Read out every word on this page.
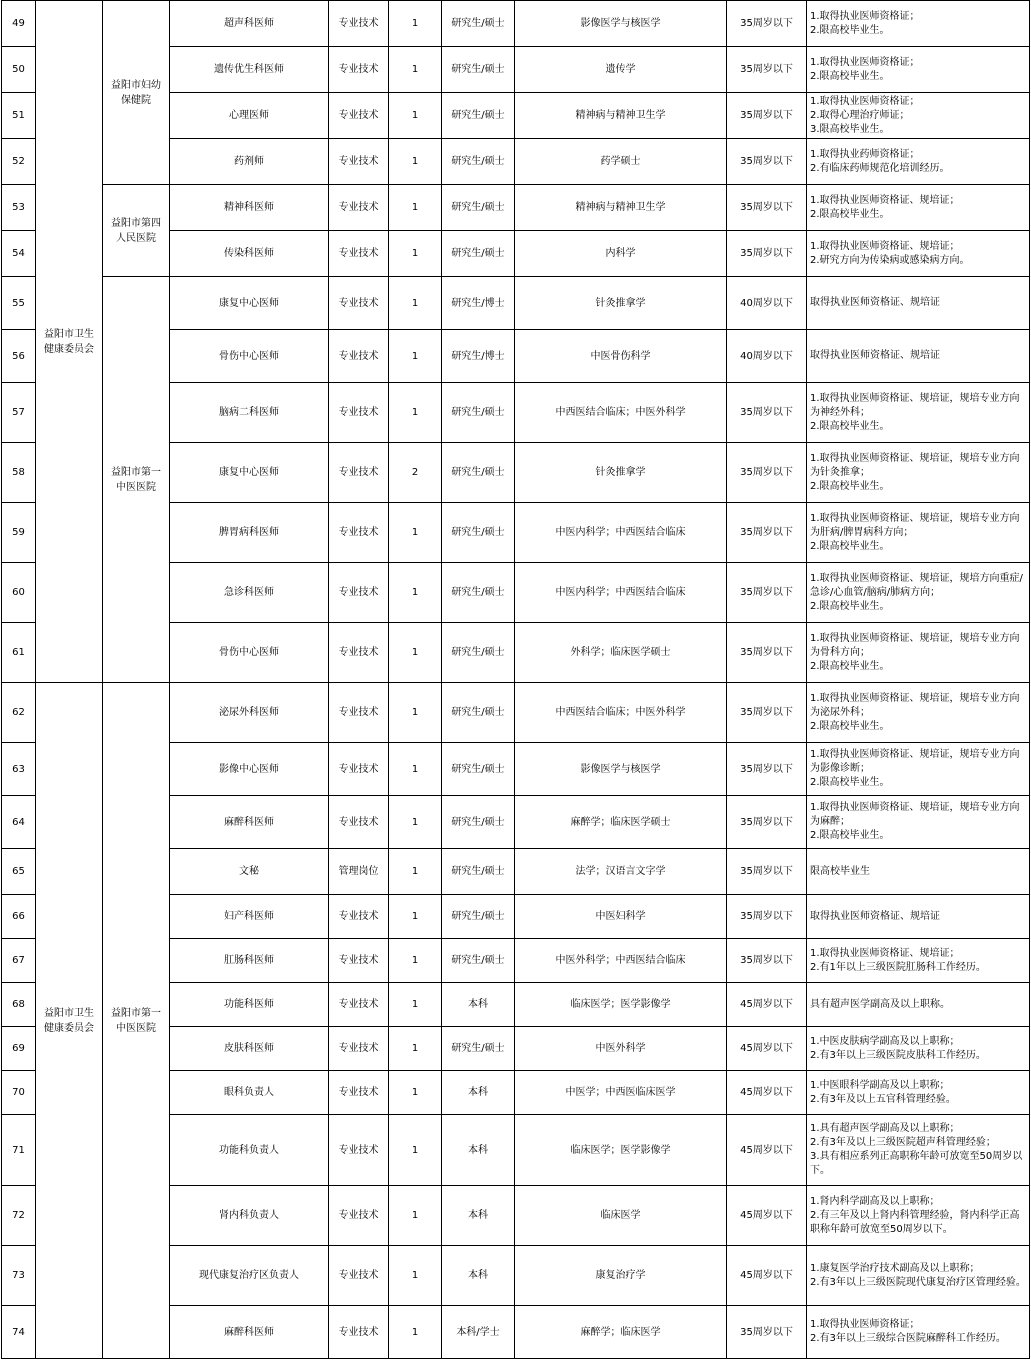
49	益阳市卫生健康委员会	益阳市妇幼保健院	超声科医师	专业技术	1	研究生/硕士	影像医学与核医学	35周岁以下	1.取得执业医师资格证；
2.限高校毕业生。
50			遗传优生科医师	专业技术	1	研究生/硕士	遗传学	35周岁以下	1.取得执业医师资格证；
2.限高校毕业生。
51			心理医师	专业技术	1	研究生/硕士	精神病与精神卫生学	35周岁以下	1.取得执业医师资格证；
2.取得心理治疗师证；
3.限高校毕业生。
52			药剂师	专业技术	1	研究生/硕士	药学硕士	35周岁以下	1.取得执业药师资格证；
2.有临床药师规范化培训经历。
53		益阳市第四人民医院	精神科医师	专业技术	1	研究生/硕士	精神病与精神卫生学	35周岁以下	1.取得执业医师资格证、规培证；
2.限高校毕业生。
54			传染科医师	专业技术	1	研究生/硕士	内科学	35周岁以下	1.取得执业医师资格证、规培证；
2.研究方向为传染病或感染病方向。
55		益阳市第一中医医院	康复中心医师	专业技术	1	研究生/博士	针灸推拿学	40周岁以下	取得执业医师资格证、规培证
56			骨伤中心医师	专业技术	1	研究生/博士	中医骨伤科学	40周岁以下	取得执业医师资格证、规培证
57			脑病二科医师	专业技术	1	研究生/硕士	中西医结合临床；中医外科学	35周岁以下	1.取得执业医师资格证、规培证，规培专业方向为神经外科；
2.限高校毕业生。
58			康复中心医师	专业技术	2	研究生/硕士	针灸推拿学	35周岁以下	1.取得执业医师资格证、规培证，规培专业方向为针灸推拿；
2.限高校毕业生。
59			脾胃病科医师	专业技术	1	研究生/硕士	中医内科学；中西医结合临床	35周岁以下	1.取得执业医师资格证、规培证，规培专业方向为肝病/脾胃病科方向；
2.限高校毕业生。
60			急诊科医师	专业技术	1	研究生/硕士	中医内科学；中西医结合临床	35周岁以下	1.取得执业医师资格证、规培证，规培方向重症/急诊/心血管/脑病/肺病方向；
2.限高校毕业生。
61			骨伤中心医师	专业技术	1	研究生/硕士	外科学；临床医学硕士	35周岁以下	1.取得执业医师资格证、规培证，规培专业方向为骨科方向；
2.限高校毕业生。
62	益阳市卫生健康委员会	益阳市第一中医医院	泌尿外科医师	专业技术	1	研究生/硕士	中西医结合临床；中医外科学	35周岁以下	1.取得执业医师资格证、规培证，规培专业方向为泌尿外科；
2.限高校毕业生。
63			影像中心医师	专业技术	1	研究生/硕士	影像医学与核医学	35周岁以下	1.取得执业医师资格证、规培证，规培专业方向为影像诊断；
2.限高校毕业生。
64			麻醉科医师	专业技术	1	研究生/硕士	麻醉学；临床医学硕士	35周岁以下	1.取得执业医师资格证、规培证，规培专业方向为麻醉；
2.限高校毕业生。
65			文秘	管理岗位	1	研究生/硕士	法学；汉语言文字学	35周岁以下	限高校毕业生
66			妇产科医师	专业技术	1	研究生/硕士	中医妇科学	35周岁以下	取得执业医师资格证、规培证
67			肛肠科医师	专业技术	1	研究生/硕士	中医外科学；中西医结合临床	35周岁以下	1.取得执业医师资格证、规培证；
2.有1年以上三级医院肛肠科工作经历。
68			功能科医师	专业技术	1	本科	临床医学；医学影像学	45周岁以下	具有超声医学副高及以上职称。
69			皮肤科医师	专业技术	1	研究生/硕士	中医外科学	45周岁以下	1.中医皮肤病学副高及以上职称；
2.有3年以上三级医院皮肤科工作经历。
70			眼科负责人	专业技术	1	本科	中医学；中西医临床医学	45周岁以下	1.中医眼科学副高及以上职称；
2.有3年及以上五官科管理经验。
71			功能科负责人	专业技术	1	本科	临床医学；医学影像学	45周岁以下	1.具有超声医学副高及以上职称；
2.有3年及以上三级医院超声科管理经验；
3.具有相应系列正高职称年龄可放宽至50周岁以下。
72			肾内科负责人	专业技术	1	本科	临床医学	45周岁以下	1.肾内科学副高及以上职称；
2.有三年及以上肾内科管理经验，肾内科学正高职称年龄可放宽至50周岁以下。
73			现代康复治疗区负责人	专业技术	1	本科	康复治疗学	45周岁以下	1.康复医学治疗技术副高及以上职称；
2.有3年以上三级医院现代康复治疗区管理经验。
74			麻醉科医师	专业技术	1	本科/学士	麻醉学；临床医学	35周岁以下	1.取得执业医师资格证；
2.有3年以上三级综合医院麻醉科工作经历。
